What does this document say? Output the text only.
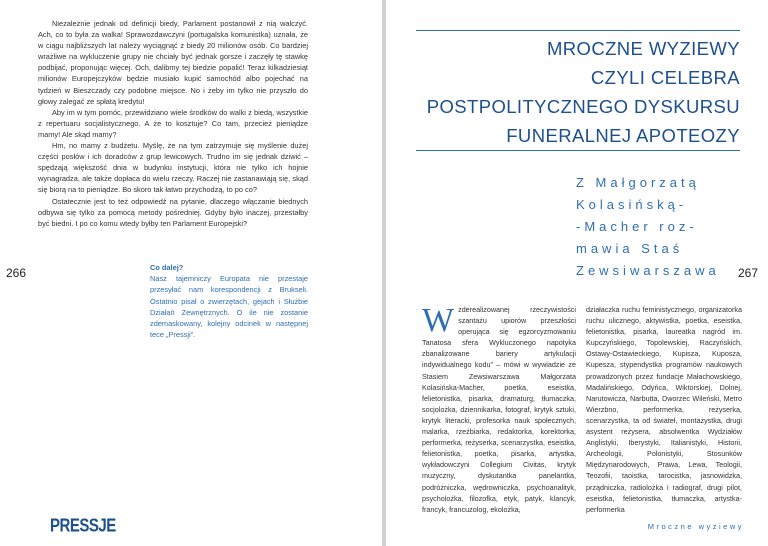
Niezależnie jednak od definicji biedy, Parlament postanowił z nią walczyć. Ach, co to była za walka! Sprawozdawczyni (portugalska komunistka) uznała, że w ciągu najbliższych lat należy wyciągnąć z biedy 20 milionów osób. Co bardziej wrażliwe na wykluczenie grupy nie chciały być jednak gorsze i zaczęły tę stawkę podbijać, proponując więcej. Och, dalibmy tej biedzie popalić! Teraz kilkadziesiąt milionów Europejczyków będzie musiało kupić samochód albo pojechać na tydzień w Bieszczady czy podobne miejsce. No i żeby im tylko nie przyszło do głowy zalegać ze spłatą kredytu!

Aby im w tym pomóc, przewidziano wiele środków do walki z biedą, wszystkie z repertuaru socjalistycznego. A że to kosztuje? Co tam, przecież pieniądze mamy! Ale skąd mamy?

Hm, no mamy z budżetu. Myślę, że na tym zatrzymuje się myślenie dużej części posłów i ich doradców z grup lewicowych. Trudno im się jednak dziwić – spędzają większość dnia w budynku instytucji, która nie tylko ich hojnie wynagradza, ale także dopłaca do wielu rzeczy. Raczej nie zastanawiają się, skąd się biorą na to pieniądze. Bo skoro tak łatwo przychodzą, to po co?

Ostatecznie jest to też odpowiedź na pytanie, dlaczego włączanie biednych odbywa się tylko za pomocą metody pośredniej. Gdyby było inaczej, przestałby być biedni. I po co komu wtedy byłby ten Parlament Europejski?

Co dalej?

Nasz tajemniczy Europata nie przestaje przesyłać nam korespondencji z Brukseli. Ostatnio pisał o zwierzętach, gejach i Służbie Działań Zewnętrznych. O ile nie zostanie zdemaskowany, kolejny odcinek w następnej tece „Pressji”.

266
PRESSJE
MROCZNE WYZIEWY
CZYLI CELEBRA
POSTPOLITYCZNEGO DYSKURSU
FUNERALNEJ APOTEOZY
Z Małgorzatą
Kolasińską-
-Macher roz-
mawia Staś
Zewsiwarszawa
W zderealizowanej rzeczywistości szantażu upiorów przeszłości operująca się egzorcyzmowaniu Tanatosa sfera Wykluczonego napotyka zbanalizowane bariery artykulacji indywidualnego kodu” – mówi w wywiadzie ze Stasiem Zewsiwarszawa Małgorzata Kolasińska-Macher, poetka, eseistka, felietonistka, pisarka, dramaturg, tłumaczka, socjolożka, dziennikarka, fotograf, krytyk sztuki, krytyk literacki, profesorka nauk społecznych, malarka, rzeźbiarka, redaktorka, korektorka, performerka, reżyserka, scenarzystka, eseistka, felietonistka, poetka, pisarka, artystka, wykładowczyni Collegium Civitas, krytyk muzyczny, dyskutantka panelantka, podróżniczka, wędrowniczka, psychoanalityk, psycholożka, filozofka, etyk, patyk, klancyk, francyk, francuzolog, ekolożka,
działaczka ruchu feministycznego, organizatorka ruchu ulicznego, aktywistka, poetka, eseistka, felietonistka, pisarka, laureatka nagród im. Kupczyńskiego, Topolewskiej, Raczyńskich, Ostawy-Ostawieckiego, Kupisza, Kuposza, Kupesza, stypendystka programów naukowych prowadzonych przez fundacje Małachowskiego, Madalińskiego, Odyńca, Wiktorskiej, Dolnej, Narutowicza, Narbutta, Dworzec Wileński, Metro Wierzbno, performerka, reżyserka, scenarzystka, ta od świateł, montażystka, drugi asystent reżysera, absolwentka Wydziałów Anglistyki, Iberystyki, Italianistyki, Historii, Archeologii, Polonistyki, Stosunków Międzynarodowych, Prawa, Lewa, Teologii, Teozofii, taoistka, tarocistka, jasnowidzka, prządniczka, radiolożka i radiograf, drugi pilot, eseistka, felietonistka, tłumaczka, artystka-performerka
267
Mroczne wyziewy
